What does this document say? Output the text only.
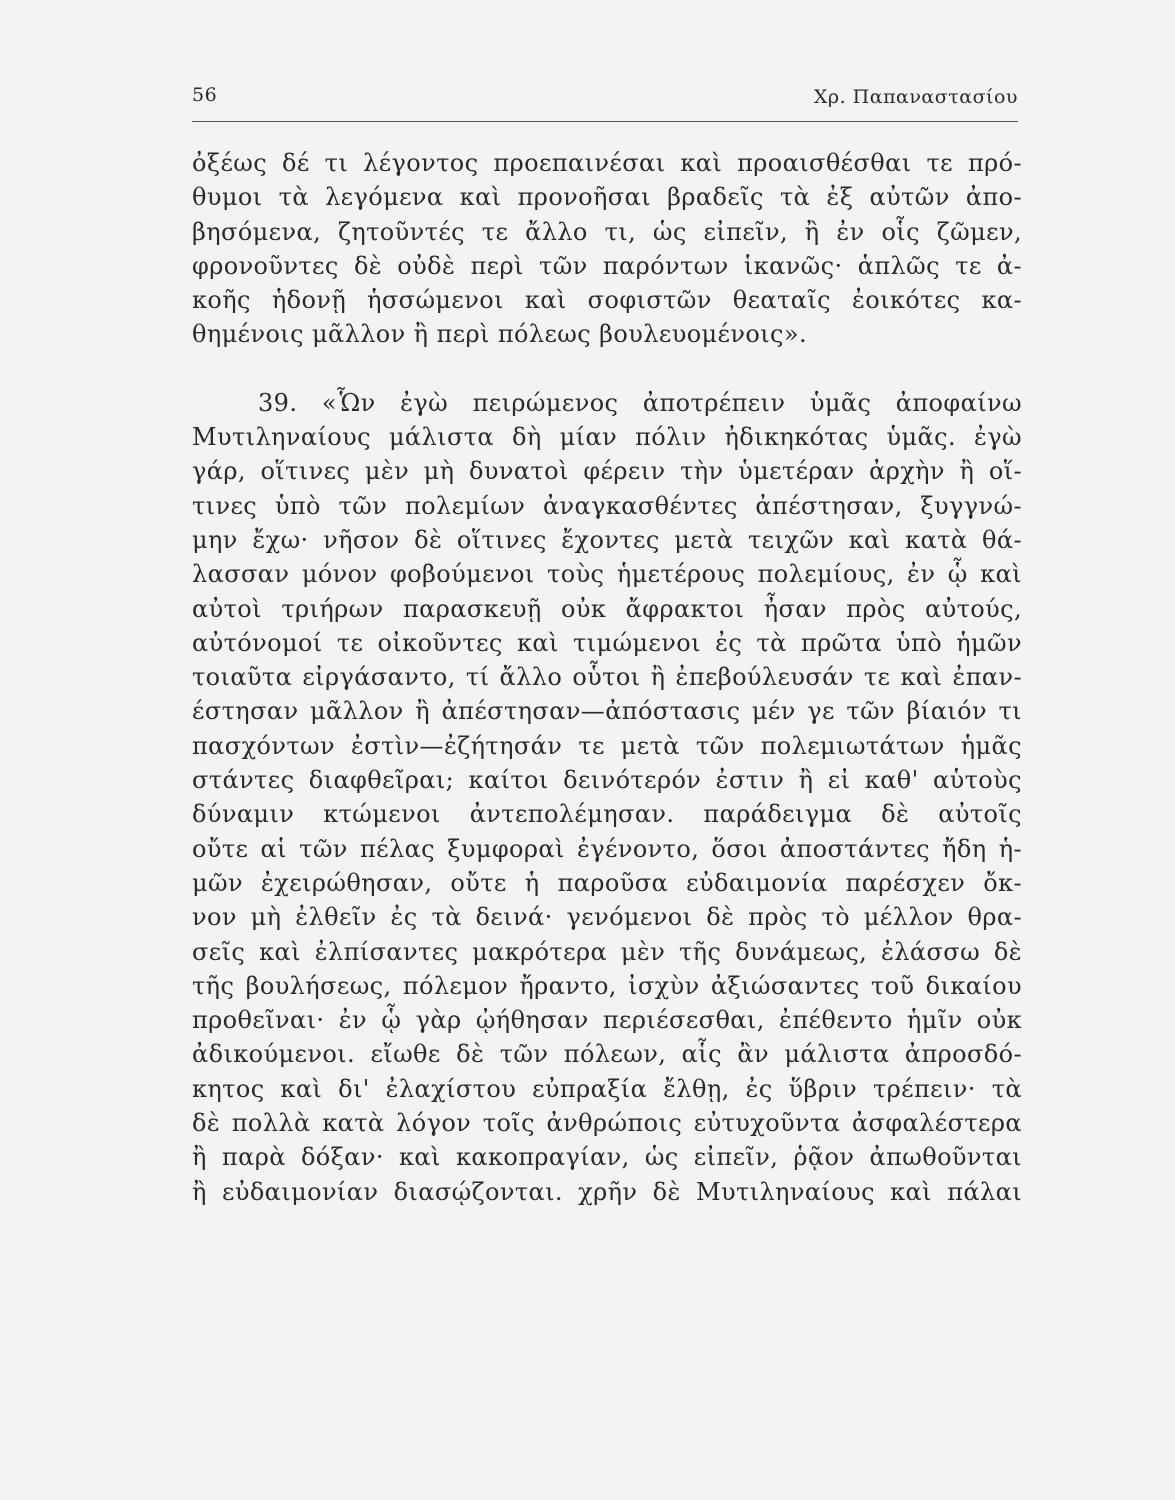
56	Χρ. Παπαναστασίου
ὀξέως δέ τι λέγοντος προεπαινέσαι καὶ προαισθέσθαι τε πρό-
θυμοι τὰ λεγόμενα καὶ προνοῆσαι βραδεῖς τὰ ἐξ αὐτῶν ἀπο-
βησόμενα, ζητοῦντές τε ἄλλο τι, ὡς εἰπεῖν, ἢ ἐν οἷς ζῶμεν,
φρονοῦντες δὲ οὐδὲ περὶ τῶν παρόντων ἱκανῶς· ἁπλῶς τε ἀ-
κοῆς ἡδονῇ ἡσσώμενοι καὶ σοφιστῶν θεαταῖς ἐοικότες κα-
θημένοις μᾶλλον ἢ περὶ πόλεως βουλευομένοις».
39. «Ὧν ἐγὼ πειρώμενος ἀποτρέπειν ὑμᾶς ἀποφαίνω
Μυτιληναίους μάλιστα δὴ μίαν πόλιν ἠδικηκότας ὑμᾶς. ἐγὼ
γάρ, οἵτινες μὲν μὴ δυνατοὶ φέρειν τὴν ὑμετέραν ἀρχὴν ἢ οἵ-
τινες ὑπὸ τῶν πολεμίων ἀναγκασθέντες ἀπέστησαν, ξυγγνώ-
μην ἔχω· νῆσον δὲ οἵτινες ἔχοντες μετὰ τειχῶν καὶ κατὰ θά-
λασσαν μόνον φοβούμενοι τοὺς ἡμετέρους πολεμίους, ἐν ᾧ καὶ
αὐτοὶ τριήρων παρασκευῇ οὐκ ἄφρακτοι ἦσαν πρὸς αὐτούς,
αὐτόνομοί τε οἰκοῦντες καὶ τιμώμενοι ἐς τὰ πρῶτα ὑπὸ ἡμῶν
τοιαῦτα εἰργάσαντο, τί ἄλλο οὗτοι ἢ ἐπεβούλευσάν τε καὶ ἐπαν-
έστησαν μᾶλλον ἢ ἀπέστησαν—ἀπόστασις μέν γε τῶν βίαιόν τι
πασχόντων ἐστὶν—ἐζήτησάν τε μετὰ τῶν πολεμιωτάτων ἡμᾶς
στάντες διαφθεῖραι; καίτοι δεινότερόν ἐστιν ἢ εἰ καθ' αὑτοὺς
δύναμιν κτώμενοι ἀντεπολέμησαν. παράδειγμα δὲ αὐτοῖς
οὔτε αἱ τῶν πέλας ξυμφοραὶ ἐγένοντο, ὅσοι ἀποστάντες ἤδη ἡ-
μῶν ἐχειρώθησαν, οὔτε ἡ παροῦσα εὐδαιμονία παρέσχεν ὄκ-
νον μὴ ἐλθεῖν ἐς τὰ δεινά· γενόμενοι δὲ πρὸς τὸ μέλλον θρα-
σεῖς καὶ ἐλπίσαντες μακρότερα μὲν τῆς δυνάμεως, ἐλάσσω δὲ
τῆς βουλήσεως, πόλεμον ἤραντο, ἰσχὺν ἀξιώσαντες τοῦ δικαίου
προθεῖναι· ἐν ᾧ γὰρ ᾠήθησαν περιέσεσθαι, ἐπέθεντο ἡμῖν οὐκ
ἀδικούμενοι. εἴωθε δὲ τῶν πόλεων, αἷς ἂν μάλιστα ἀπροσδό-
κητος καὶ δι' ἐλαχίστου εὐπραξία ἔλθῃ, ἐς ὕβριν τρέπειν· τὰ
δὲ πολλὰ κατὰ λόγον τοῖς ἀνθρώποις εὐτυχοῦντα ἀσφαλέστερα
ἢ παρὰ δόξαν· καὶ κακοπραγίαν, ὡς εἰπεῖν, ῥᾷον ἀπωθοῦνται
ἢ εὐδαιμονίαν διασῴζονται. χρῆν δὲ Μυτιληναίους καὶ πάλαι
